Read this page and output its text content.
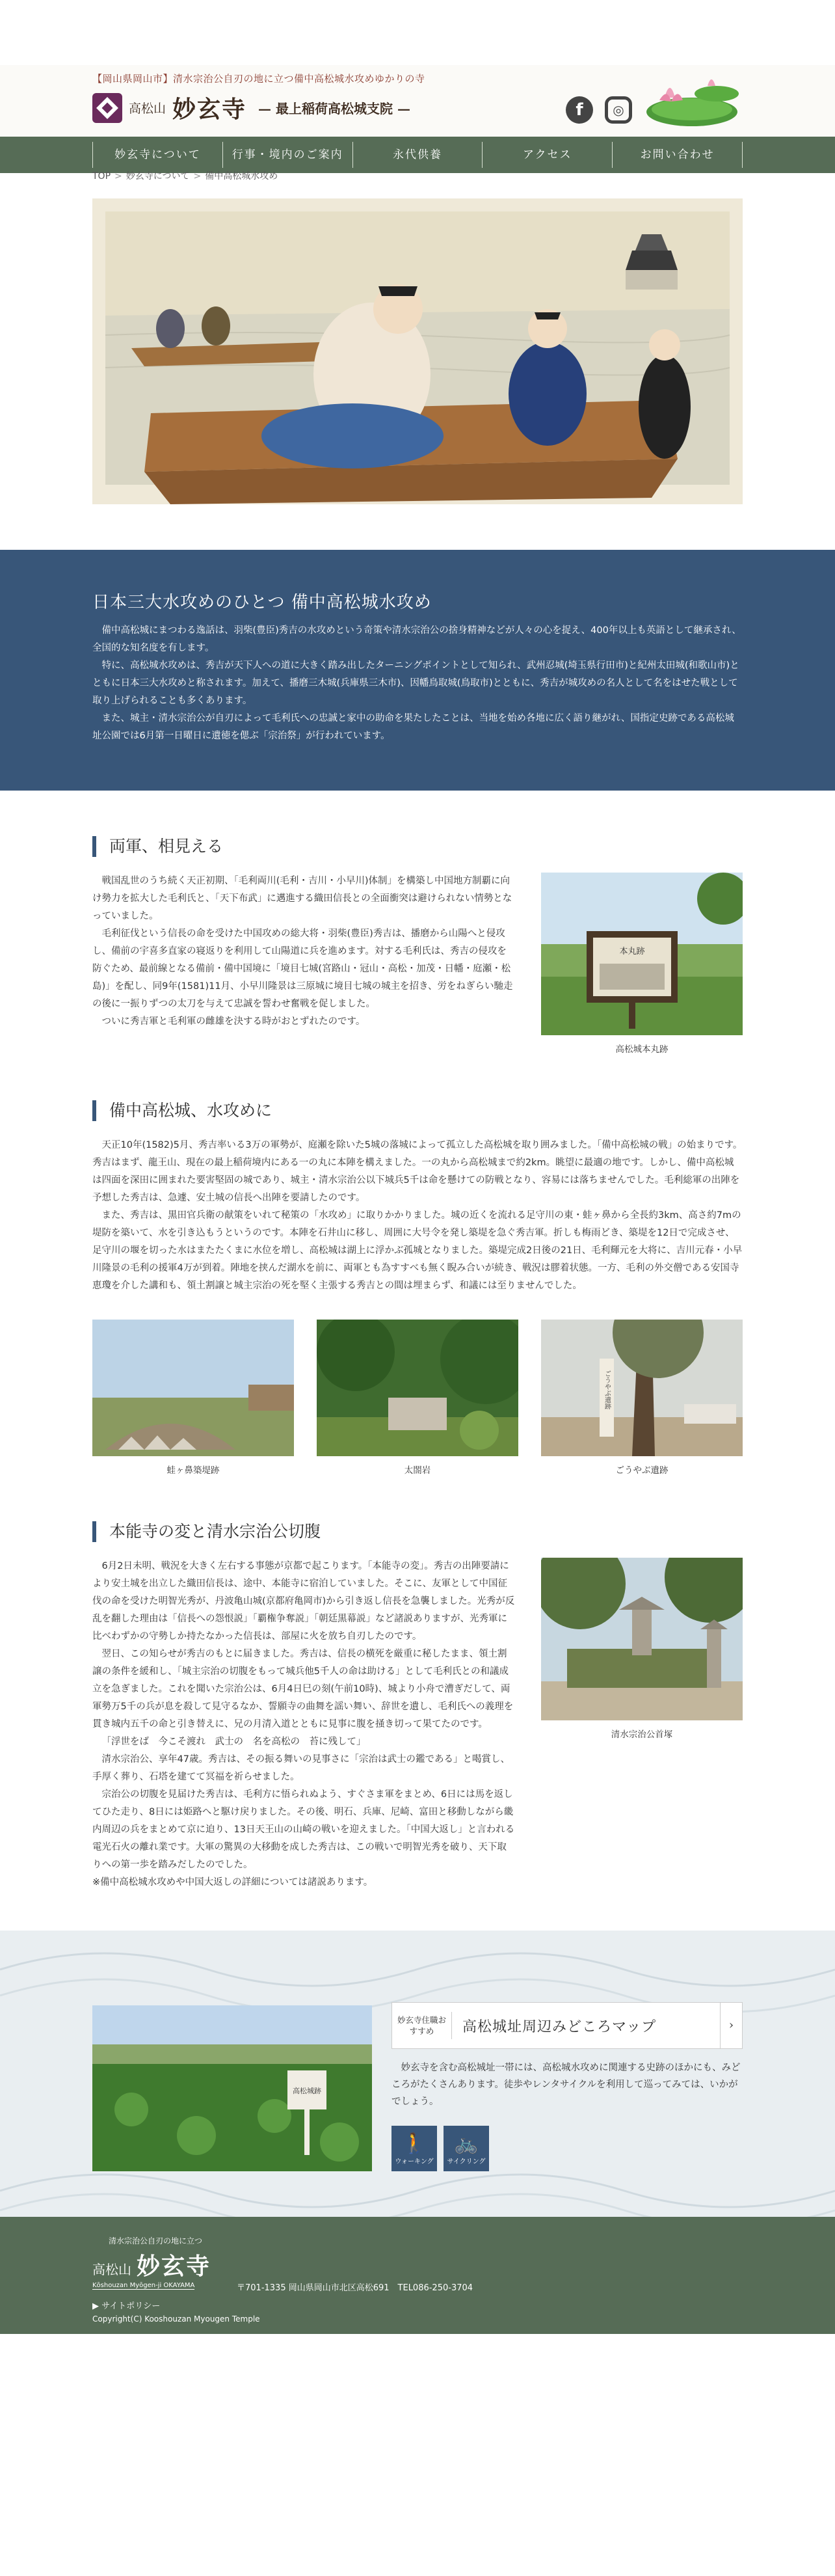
【岡山県岡山市】清水宗治公自刃の地に立つ備中高松城水攻めゆかりの寺
高松山 妙玄寺 — 最上稲荷高松城支院 —	f	◎
妙玄寺について	行事・境内のご案内	永代供養	アクセス	お問い合わせ
TOP > 妙玄寺について > 備中高松城水攻め
日本三大水攻めのひとつ 備中高松城水攻め

備中高松城にまつわる逸話は、羽柴(豊臣)秀吉の水攻めという奇策や清水宗治公の捨身精神などが人々の心を捉え、400年以上も英語として継承され、全国的な知名度を有します。

特に、高松城水攻めは、秀吉が天下人への道に大きく踏み出したターニングポイントとして知られ、武州忍城(埼玉県行田市)と紀州太田城(和歌山市)とともに日本三大水攻めと称されます。加えて、播磨三木城(兵庫県三木市)、因幡鳥取城(鳥取市)とともに、秀吉が城攻めの名人として名をはせた戦として取り上げられることも多くあります。

また、城主・清水宗治公が自刃によって毛利氏への忠誠と家中の助命を果たしたことは、当地を始め各地に広く語り継がれ、国指定史跡である高松城址公園では6月第一日曜日に遺徳を偲ぶ「宗治祭」が行われています。

両軍、相見える

戦国乱世のうち続く天正初期、「毛利両川(毛利・吉川・小早川)体制」を構築し中国地方制覇に向け勢力を拡大した毛利氏と、「天下布武」に邁進する織田信長との全面衝突は避けられない情勢となっていました。

毛利征伐という信長の命を受けた中国攻めの総大将・羽柴(豊臣)秀吉は、播磨から山陽へと侵攻し、備前の宇喜多直家の寝返りを利用して山陽道に兵を進めます。対する毛利氏は、秀吉の侵攻を防ぐため、最前線となる備前・備中国境に「境目七城(宮路山・冠山・高松・加茂・日幡・庭瀬・松島)」を配し、同9年(1581)11月、小早川隆景は三原城に境目七城の城主を招き、労をねぎらい馳走の後に一振りずつの太刀を与えて忠誠を誓わせ奮戦を促しました。

ついに秀吉軍と毛利軍の雌雄を決する時がおとずれたのです。

本丸跡
高松城本丸跡
備中高松城、水攻めに

天正10年(1582)5月、秀吉率いる3万の軍勢が、庭瀬を除いた5城の落城によって孤立した高松城を取り囲みました。「備中高松城の戦」の始まりです。秀吉はまず、龍王山、現在の最上稲荷境内にある一の丸に本陣を構えました。一の丸から高松城まで約2km。眺望に最適の地です。しかし、備中高松城は四面を深田に囲まれた要害堅固の城であり、城主・清水宗治公以下城兵5千は命を懸けての防戦となり、容易には落ちませんでした。毛利総軍の出陣を予想した秀吉は、急遽、安土城の信長へ出陣を要請したのです。

また、秀吉は、黒田官兵衛の献策をいれて秘策の「水攻め」に取りかかりました。城の近くを流れる足守川の東・蛙ヶ鼻から全長約3km、高さ約7mの堤防を築いて、水を引き込もうというのです。本陣を石井山に移し、周囲に大号令を発し築堤を急ぐ秀吉軍。折しも梅雨どき、築堤を12日で完成させ、足守川の堰を切った水はまたたくまに水位を増し、高松城は湖上に浮かぶ孤城となりました。築堤完成2日後の21日、毛利輝元を大将に、吉川元春・小早川隆景の毛利の援軍4万が到着。陣地を挟んだ湖水を前に、両軍とも為すすべも無く睨み合いが続き、戦況は膠着状態。一方、毛利の外交僧である安国寺恵瓊を介した講和も、領土割譲と城主宗治の死を堅く主張する秀吉との間は埋まらず、和議には至りませんでした。

蛙ヶ鼻築堤跡	太閤岩
ごうやぶ遺跡
ごうやぶ遺跡
本能寺の変と清水宗治公切腹

6月2日未明、戦況を大きく左右する事態が京都で起こります。「本能寺の変」。秀吉の出陣要請により安土城を出立した織田信長は、途中、本能寺に宿泊していました。そこに、友軍として中国征伐の命を受けた明智光秀が、丹波亀山城(京都府亀岡市)から引き返し信長を急襲しました。光秀が反乱を翻した理由は「信長への怨恨説」「覇権争奪説」「朝廷黒幕説」など諸説ありますが、光秀軍に比べわずかの守勢しか持たなかった信長は、部屋に火を放ち自刃したのです。

翌日、この知らせが秀吉のもとに届きました。秀吉は、信長の横死を厳重に秘したまま、領土割譲の条件を緩和し、「城主宗治の切腹をもって城兵他5千人の命は助ける」として毛利氏との和議成立を急ぎました。これを聞いた宗治公は、6月4日巳の刻(午前10時)、城より小舟で漕ぎだして、両軍勢万5千の兵が息を殺して見守るなか、誓願寺の曲舞を謡い舞い、辞世を遺し、毛利氏への義理を貫き城内五千の命と引き替えに、兄の月清入道とともに見事に腹を掻き切って果てたのです。

「浮世をば　今こそ渡れ　武士の　名を高松の　苔に残して」

清水宗治公、享年47歳。秀吉は、その振る舞いの見事さに「宗治は武士の鑑である」と喝賞し、手厚く葬り、石塔を建てて冥福を祈らせました。

宗治公の切腹を見届けた秀吉は、毛利方に悟られぬよう、すぐさま軍をまとめ、6日には馬を返してひた走り、8日には姫路へと駆け戻りました。その後、明石、兵庫、尼崎、富田と移動しながら畿内周辺の兵をまとめて京に迫り、13日天王山の山崎の戦いを迎えました。「中国大返し」と言われる電光石火の離れ業です。大軍の驚異の大移動を成した秀吉は、この戦いで明智光秀を破り、天下取りへの第一歩を踏みだしたのでした。

※備中高松城水攻めや中国大返しの詳細については諸説あります。

清水宗治公首塚
高松城跡
妙玄寺住職おすすめ	高松城址周辺みどころマップ	›

妙玄寺を含む高松城址一帯には、高松城水攻めに関連する史跡のほかにも、みどころがたくさんあります。徒歩やレンタサイクルを利用して巡ってみては、いかがでしょう。

🚶
ウォーキング
🚲
サイクリング
清水宗治公自刃の地に立つ
高松山 妙玄寺
Kōshouzan Myōgen-ji OKAYAMA	〒701-1335 岡山県岡山市北区高松691　TEL086-250-3704
▶ サイトポリシー
Copyright(C) Kooshouzan Myougen Temple
